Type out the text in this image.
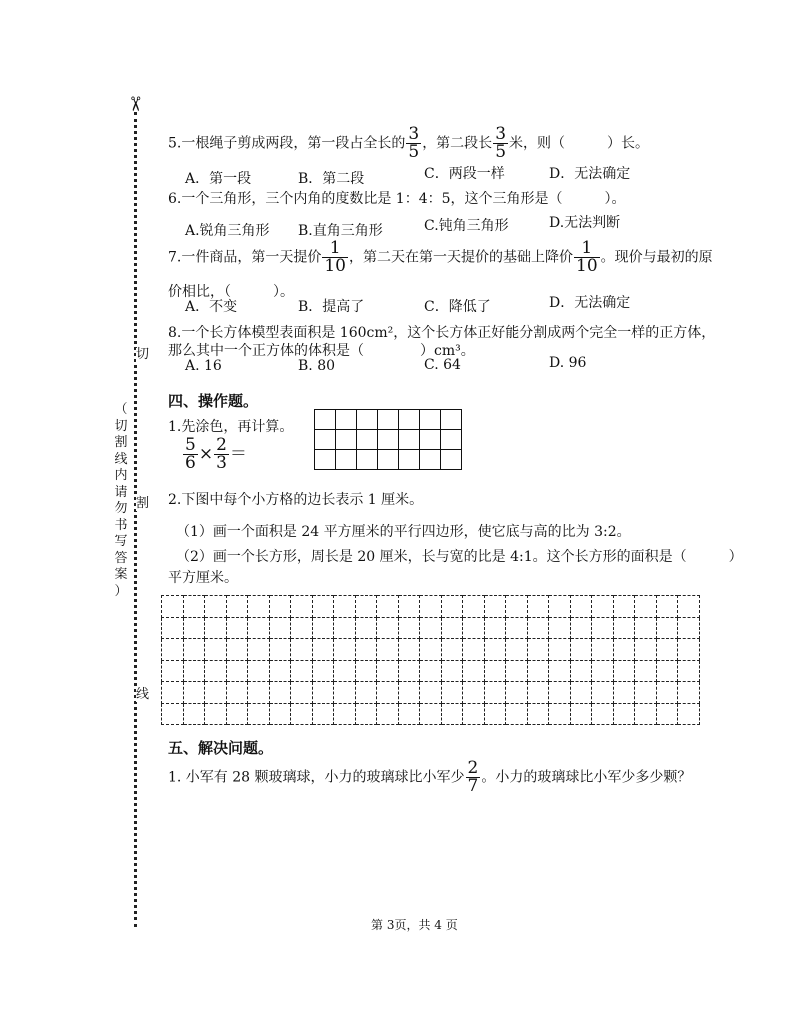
✂
切
割
线
（
切
割
线
内
请
勿
书
写
答
案
）
5.一根绳子剪成两段，第一段占全长的 $\frac{3}{5}$ ，第二段长 $\frac{3}{5}$ 米，则（　　　）长。
A．第一段	B．第二段	C．两段一样	D．无法确定
6.一个三角形，三个内角的度数比是 1：4：5，这个三角形是（　　　）。
A.锐角三角形 B.直角三角形	C.钝角三角形	D.无法判断
7.一件商品，第一天提价 $\frac{1}{10}$ ，第二天在第一天提价的基础上降价 $\frac{1}{10}$ 。现价与最初的原
价相比，（　　　）。
A．不变	B．提高了	C．降低了	D．无法确定
8.一个长方体模型表面积是 160cm²，这个长方体正好能分割成两个完全一样的正方体，
那么其中一个正方体的体积是（　　　　）cm³。
A. 16	B. 80	C. 64	D. 96
四、操作题。
1.先涂色，再计算。
$\frac{5}{6} \times \frac{2}{3}$ ＝

2.下图中每个小方格的边长表示 1 厘米。
（1）画一个面积是 24 平方厘米的平行四边形，使它底与高的比为 3:2。
（2）画一个长方形，周长是 20 厘米，长与宽的比是 4:1。这个长方形的面积是（　　　）
平方厘米。

五、解决问题。
1. 小军有 28 颗玻璃球，小力的玻璃球比小军少 $\frac{2}{7}$ 。小力的玻璃球比小军少多少颗？
第 3页，共 4 页
